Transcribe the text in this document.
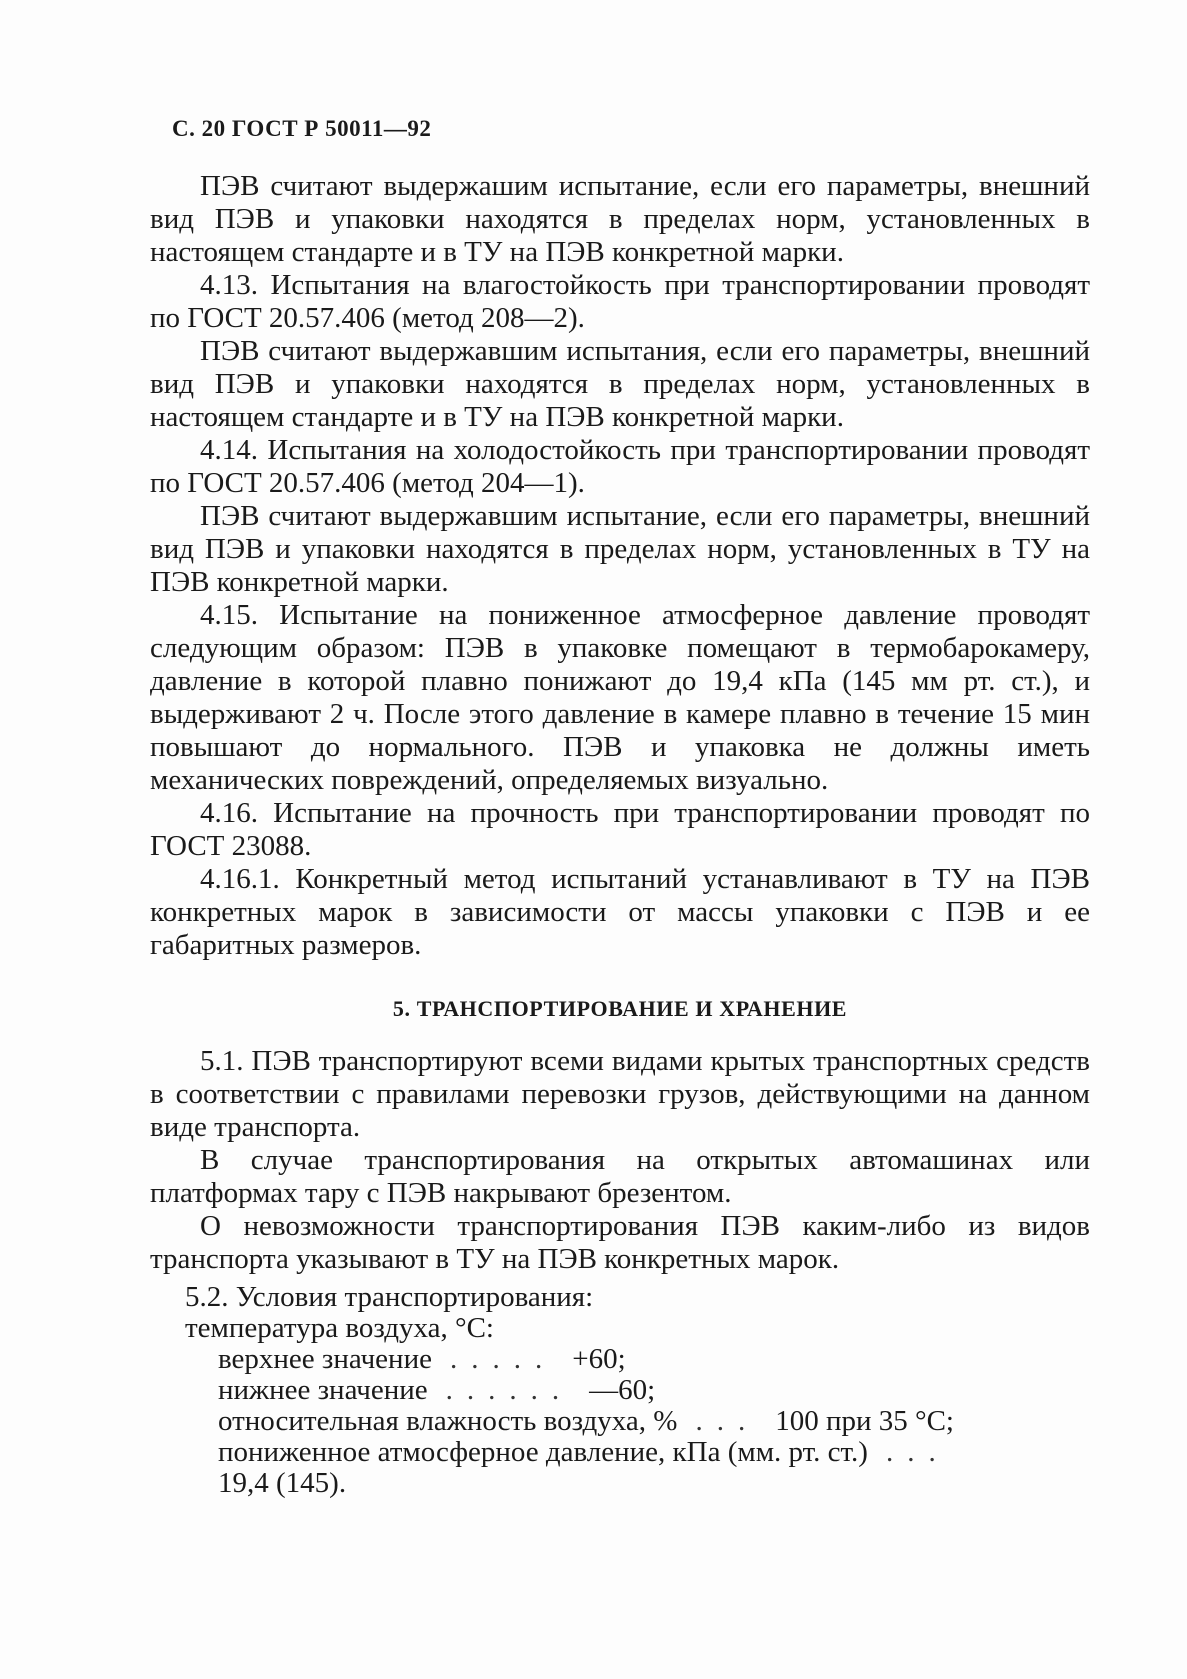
С. 20 ГОСТ Р 50011—92

ПЭВ считают выдержашим испытание, если его параметры, внешний вид ПЭВ и упаковки находятся в пределах норм, установленных в настоящем стандарте и в ТУ на ПЭВ конкретной марки.

4.13. Испытания на влагостойкость при транспортировании проводят по ГОСТ 20.57.406 (метод 208—2).

ПЭВ считают выдержавшим испытания, если его параметры, внешний вид ПЭВ и упаковки находятся в пределах норм, установленных в настоящем стандарте и в ТУ на ПЭВ конкретной марки.

4.14. Испытания на холодостойкость при транспортировании проводят по ГОСТ 20.57.406 (метод 204—1).

ПЭВ считают выдержавшим испытание, если его параметры, внешний вид ПЭВ и упаковки находятся в пределах норм, установленных в ТУ на ПЭВ конкретной марки.

4.15. Испытание на пониженное атмосферное давление проводят следующим образом: ПЭВ в упаковке помещают в термобарокамеру, давление в которой плавно понижают до 19,4 кПа (145 мм рт. ст.), и выдерживают 2 ч. После этого давление в камере плавно в течение 15 мин повышают до нормального. ПЭВ и упаковка не должны иметь механических повреждений, определяемых визуально.

4.16. Испытание на прочность при транспортировании проводят по ГОСТ 23088.

4.16.1. Конкретный метод испытаний устанавливают в ТУ на ПЭВ конкретных марок в зависимости от массы упаковки с ПЭВ и ее габаритных размеров.

5. ТРАНСПОРТИРОВАНИЕ И ХРАНЕНИЕ

5.1. ПЭВ транспортируют всеми видами крытых транспортных средств в соответствии с правилами перевозки грузов, действующими на данном виде транспорта.

В случае транспортирования на открытых автомашинах или платформах тару с ПЭВ накрывают брезентом.

О невозможности транспортирования ПЭВ каким-либо из видов транспорта указывают в ТУ на ПЭВ конкретных марок.

5.2. Условия транспортирования:
температура воздуха, °С:
верхнее значение ..... +60;
нижнее значение ...... —60;
относительная влажность воздуха, % ... 100 при 35 °С;
пониженное атмосферное давление, кПа (мм. рт. ст.) ...
19,4 (145).
